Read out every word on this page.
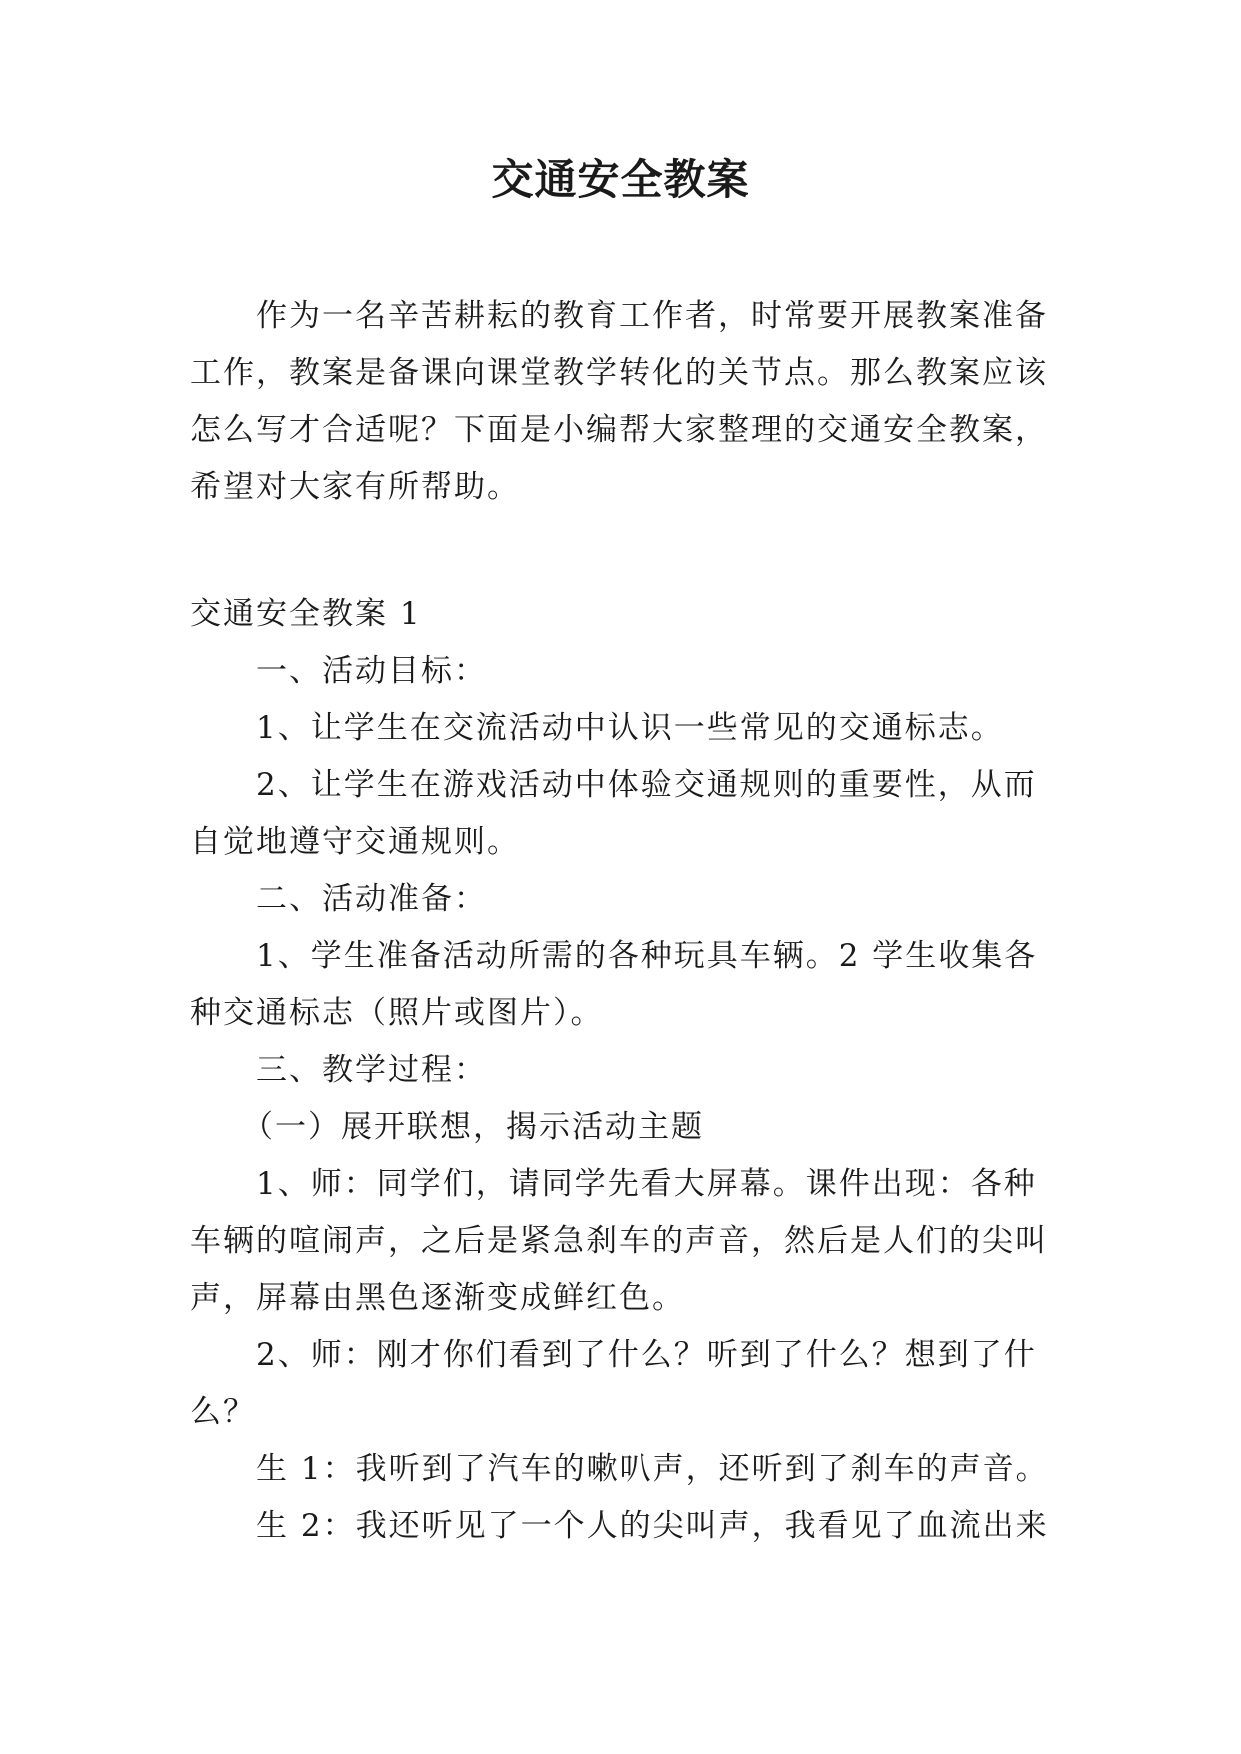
交通安全教案

作为一名辛苦耕耘的教育工作者，时常要开展教案准备工作，教案是备课向课堂教学转化的关节点。那么教案应该怎么写才合适呢？下面是小编帮大家整理的交通安全教案，希望对大家有所帮助。

交通安全教案 1

一、活动目标：

1、让学生在交流活动中认识一些常见的交通标志。

2、让学生在游戏活动中体验交通规则的重要性，从而自觉地遵守交通规则。

二、活动准备：

1、学生准备活动所需的各种玩具车辆。2 学生收集各种交通标志（照片或图片）。

三、教学过程：

（一）展开联想，揭示活动主题

1、师：同学们，请同学先看大屏幕。课件出现：各种车辆的喧闹声，之后是紧急刹车的声音，然后是人们的尖叫声，屏幕由黑色逐渐变成鲜红色。

2、师：刚才你们看到了什么？听到了什么？想到了什么？

生 1：我听到了汽车的嗽叭声，还听到了刹车的声音。

生 2：我还听见了一个人的尖叫声，我看见了血流出来
